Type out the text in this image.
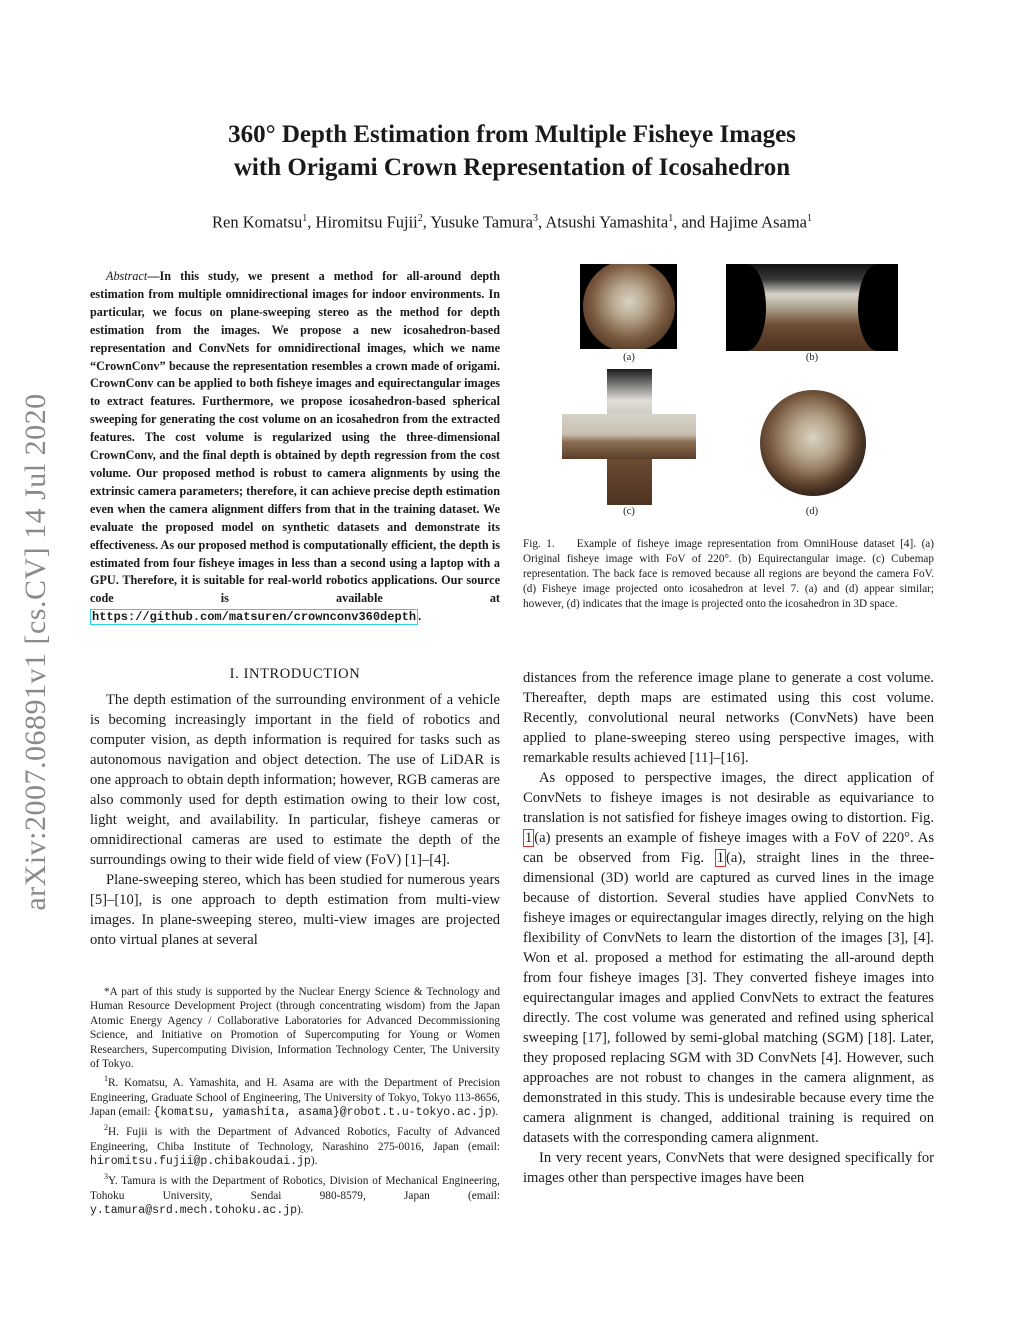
arXiv:2007.06891v1 [cs.CV] 14 Jul 2020
360° Depth Estimation from Multiple Fisheye Images
with Origami Crown Representation of Icosahedron
Ren Komatsu$^1$, Hiromitsu Fujii$^2$, Yusuke Tamura$^3$, Atsushi Yamashita$^1$, and Hajime Asama$^1$
Abstract—In this study, we present a method for all-around depth estimation from multiple omnidirectional images for indoor environments. In particular, we focus on plane-sweeping stereo as the method for depth estimation from the images. We propose a new icosahedron-based representation and ConvNets for omnidirectional images, which we name “CrownConv” because the representation resembles a crown made of origami. CrownConv can be applied to both fisheye images and equirectangular images to extract features. Furthermore, we propose icosahedron-based spherical sweeping for generating the cost volume on an icosahedron from the extracted features. The cost volume is regularized using the three-dimensional CrownConv, and the final depth is obtained by depth regression from the cost volume. Our proposed method is robust to camera alignments by using the extrinsic camera parameters; therefore, it can achieve precise depth estimation even when the camera alignment differs from that in the training dataset. We evaluate the proposed model on synthetic datasets and demonstrate its effectiveness. As our proposed method is computationally efficient, the depth is estimated from four fisheye images in less than a second using a laptop with a GPU. Therefore, it is suitable for real-world robotics applications. Our source code is available at https://github.com/matsuren/crownconv360depth .
I. INTRODUCTION

The depth estimation of the surrounding environment of a vehicle is becoming increasingly important in the field of robotics and computer vision, as depth information is required for tasks such as autonomous navigation and object detection. The use of LiDAR is one approach to obtain depth information; however, RGB cameras are also commonly used for depth estimation owing to their low cost, light weight, and availability. In particular, fisheye cameras or omnidirectional cameras are used to estimate the depth of the surroundings owing to their wide field of view (FoV) [1]–[4].

Plane-sweeping stereo, which has been studied for numerous years [5]–[10], is one approach to depth estimation from multi-view images. In plane-sweeping stereo, multi-view images are projected onto virtual planes at several

*A part of this study is supported by the Nuclear Energy Science & Technology and Human Resource Development Project (through concentrating wisdom) from the Japan Atomic Energy Agency / Collaborative Laboratories for Advanced Decommissioning Science, and Initiative on Promotion of Supercomputing for Young or Women Researchers, Supercomputing Division, Information Technology Center, The University of Tokyo.

$^1$R. Komatsu, A. Yamashita, and H. Asama are with the Department of Precision Engineering, Graduate School of Engineering, The University of Tokyo, Tokyo 113-8656, Japan (email: {komatsu, yamashita, asama}@robot.t.u-tokyo.ac.jp).

$^2$H. Fujii is with the Department of Advanced Robotics, Faculty of Advanced Engineering, Chiba Institute of Technology, Narashino 275-0016, Japan (email: hiromitsu.fujii@p.chibakoudai.jp).

$^3$Y. Tamura is with the Department of Robotics, Division of Mechanical Engineering, Tohoku University, Sendai 980-8579, Japan (email: y.tamura@srd.mech.tohoku.ac.jp).

(a)	(b)
(c)	(d)
Fig. 1. Example of fisheye image representation from OmniHouse dataset [4]. (a) Original fisheye image with FoV of 220°. (b) Equirectangular image. (c) Cubemap representation. The back face is removed because all regions are beyond the camera FoV. (d) Fisheye image projected onto icosahedron at level 7. (a) and (d) appear similar; however, (d) indicates that the image is projected onto the icosahedron in 3D space.

distances from the reference image plane to generate a cost volume. Thereafter, depth maps are estimated using this cost volume. Recently, convolutional neural networks (ConvNets) have been applied to plane-sweeping stereo using perspective images, with remarkable results achieved [11]–[16].

As opposed to perspective images, the direct application of ConvNets to fisheye images is not desirable as equivariance to translation is not satisfied for fisheye images owing to distortion. Fig. 1 (a) presents an example of fisheye images with a FoV of 220°. As can be observed from Fig. 1 (a), straight lines in the three-dimensional (3D) world are captured as curved lines in the image because of distortion. Several studies have applied ConvNets to fisheye images or equirectangular images directly, relying on the high flexibility of ConvNets to learn the distortion of the images [3], [4]. Won et al. proposed a method for estimating the all-around depth from four fisheye images [3]. They converted fisheye images into equirectangular images and applied ConvNets to extract the features directly. The cost volume was generated and refined using spherical sweeping [17], followed by semi-global matching (SGM) [18]. Later, they proposed replacing SGM with 3D ConvNets [4]. However, such approaches are not robust to changes in the camera alignment, as demonstrated in this study. This is undesirable because every time the camera alignment is changed, additional training is required on datasets with the corresponding camera alignment.

In very recent years, ConvNets that were designed specifically for images other than perspective images have been
